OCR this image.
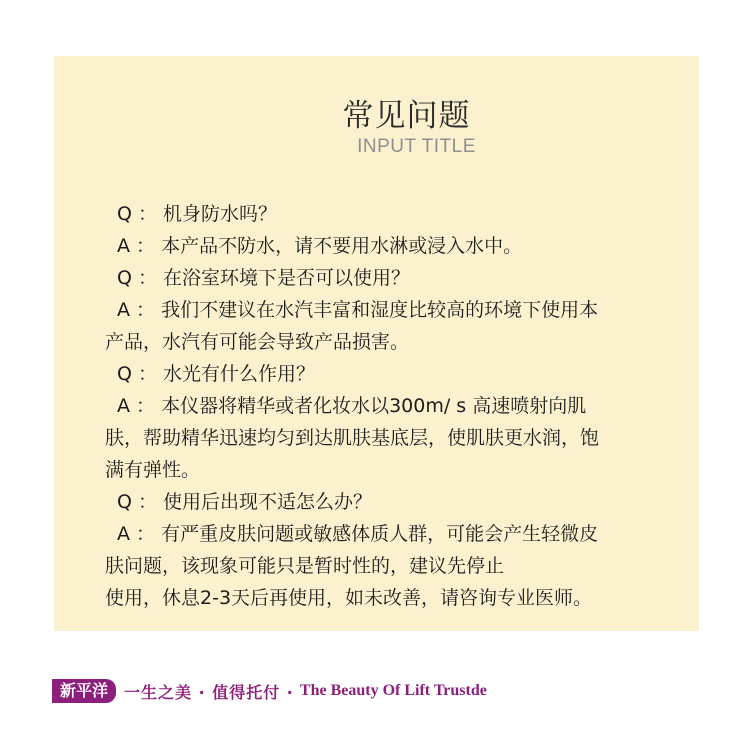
常见问题
INPUT TITLE
Q ： 机身防水吗？
A ： 本产品不防水，请不要用水淋或浸入水中。
Q ： 在浴室环境下是否可以使用？
A ： 我们不建议在水汽丰富和湿度比较高的环境下使用本
产品，水汽有可能会导致产品损害。
Q ： 水光有什么作用？
A ： 本仪器将精华或者化妆水以300m/ s 高速喷射向肌
肤，帮助精华迅速均匀到达肌肤基底层，使肌肤更水润，饱
满有弹性。
Q ： 使用后出现不适怎么办？
A ： 有严重皮肤问题或敏感体质人群，可能会产生轻微皮
肤问题，该现象可能只是暂时性的，建议先停止
使用，休息2-3天后再使用，如未改善，请咨询专业医师。
新平洋	一生之美 · 值得托付 · The Beauty Of Lift Trustde
